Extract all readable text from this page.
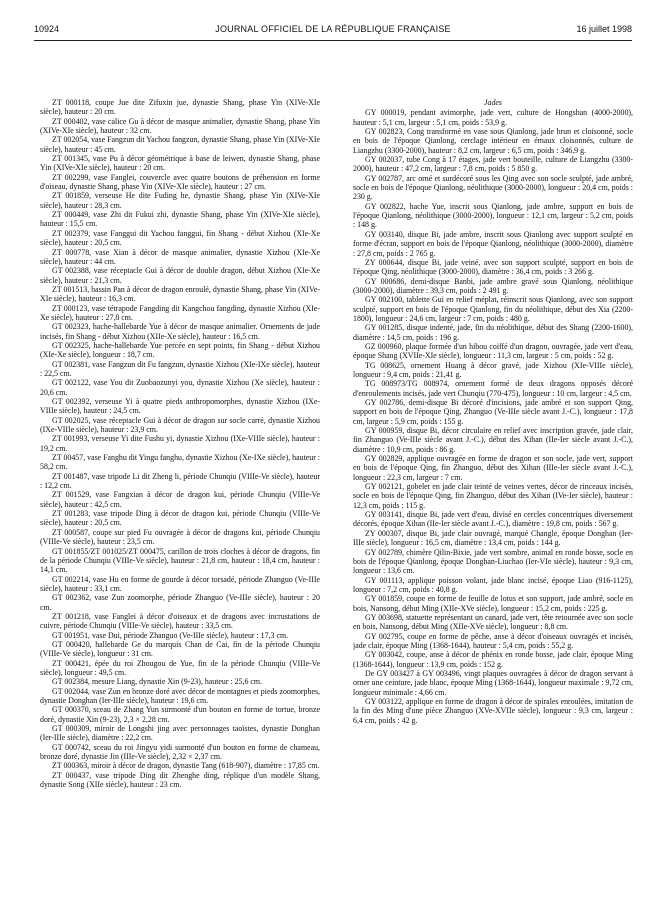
10924	JOURNAL OFFICIEL DE LA RÉPUBLIQUE FRANÇAISE	16 juillet 1998

ZT 000118, coupe Jue dite Zifuxin jue, dynastie Shang, phase Yin (XIVe-XIe siècle), hauteur : 20 cm.

ZT 000402, vase calice Gu à décor de masque animalier, dynastie Shang, phase Yin (XIVe-XIe siècle), hauteur : 32 cm.

ZT 002054, vase Fangzun dit Yachou fangzun, dynastie Shang, phase Yin (XIVe-XIe siècle), hauteur : 45 cm.

ZT 001345, vase Pu à décor géométrique à base de leiwen, dynastie Shang, phase Yin (XIVe-XIe siècle), hauteur : 20 cm.

ZT 002299, vase Fanglei, couvercle avec quatre boutons de préhension en forme d'oiseau, dynastie Shang, phase Yin (XIVe-XIe siècle), hauteur : 27 cm.

ZT 001859, verseuse He dite Fuding he, dynastie Shang, phase Yin (XIVe-XIe siècle), hauteur : 28,3 cm.

ZT 000449, vase Zhi dit Fukui zhi, dynastie Shang, phase Yin (XIVe-XIe siècle), hauteur : 15,5 cm.

ZT 002379, vase Fanggui dit Yachou fanggui, fin Shang - début Xizhou (XIe-Xe siècle), hauteur : 20,5 cm.

ZT 000778, vase Xian à décor de masque animalier, dynastie Xizhou (XIe-Xe siècle), hauteur : 44 cm.

GT 002388, vase réceptacle Gui à décor de double dragon, début Xizhou (XIe-Xe siècle), hauteur : 21,3 cm.

ZT 001513, bassin Pan à décor de dragon enroulé, dynastie Shang, phase Yin (XIVe-XIe siècle), hauteur : 16,3 cm.

ZT 000123, vase tétrapode Fangding dit Kangchou fangding, dynastie Xizhou (XIe-Xe siècle), hauteur : 27,8 cm.

GT 002323, hache-hallebarde Yue à décor de masque animalier. Ornements de jade incisés, fin Shang - début Xizhou (XIIe-Xe siècle), hauteur : 16,5 cm.

GT 002325, hache-hallebarde Yue percée en sept points, fin Shang - début Xizhou (XIe-Xe siècle), longueur : 18,7 cm.

GT 002381, vase Fangzun dit Fu fangzun, dynastie Xizhou (XIe-IXe siècle), hauteur : 22,5 cm.

GT 002122, vase You dit Zuobaozunyi you, dynastie Xizhou (Xe siècle), hauteur : 20,6 cm.

GT 002392, verseuse Yi à quatre pieds anthropomorphes, dynastie Xizhou (IXe-VIIIe siècle), hauteur : 24,5 cm.

GT 002025, vase réceptacle Gui à décor de dragon sur socle carré, dynastie Xizhou (IXe-VIIIe siècle), hauteur : 23,9 cm.

ZT 001993, verseuse Yi dite Fushu yi, dynastie Xizhou (IXe-VIIIe siècle), hauteur : 19,2 cm.

ZT 00457, vase Fanghu dit Yingu fanghu, dynastie Xizhou (Xe-IXe siècle), hauteur : 58,2 cm.

ZT 001487, vase tripode Li dit Zheng li, période Chunqiu (VIIIe-Ve siècle), hauteur : 12,2 cm.

ZT 001529, vase Fangxian à décor de dragon kui, période Chunqiu (VIIIe-Ve siècle), hauteur : 42,5 cm.

ZT 001283, vase tripode Ding à décor de dragon kui, période Chunqiu (VIIIe-Ve siècle), hauteur : 20,5 cm.

ZT 000587, coupe sur pied Fu ouvragée à décor de dragons kui, période Chunqiu (VIIIe-Ve siècle), hauteur : 23,5 cm.

GT 001855/ZT 001025/ZT 000475, carillon de trois cloches à décor de dragons, fin de la période Chunqiu (VIIIe-Ve siècle), hauteur : 21,8 cm, hauteur : 18,4 cm, hauteur : 14,1 cm.

GT 002214, vase Hu en forme de gourde à décor torsadé, période Zhanguo (Ve-IIIe siècle), hauteur : 33,1 cm.

GT 002362, vase Zun zoomorphe, période Zhanguo (Ve-IIIe siècle), hauteur : 20 cm.

ZT 001218, vase Fanglei à décor d'oiseaux et de dragons avec incrustations de cuivre, période Chunqiu (VIIIe-Ve siècle), hauteur : 33,5 cm.

GT 001951, vase Dui, période Zhanguo (Ve-IIIe siècle), hauteur : 17,3 cm.

GT 000420, hallebarde Ge du marquis Chan de Cai, fin de la période Chunqiu (VIIIe-Ve siècle), longueur : 31 cm.

ZT 000421, épée du roi Zhougou de Yue, fin de la période Chunqiu (VIIIe-Ve siècle), longueur : 49,5 cm.

GT 002384, mesure Liang, dynastie Xin (9-23), hauteur : 25,6 cm.

GT 002044, vase Zun en bronze doré avec décor de montagnes et pieds zoomorphes, dynastie Donghan (Ier-IIIe siècle), hauteur : 19,6 cm.

GT 000370, sceau de Zhang Yun surmonté d'un bouton en forme de tortue, bronze doré, dynastie Xin (9-23), 2,3 × 2,28 cm.

GT 000309, miroir de Longshi jing avec personnages taoïstes, dynastie Donghan (Ier-IIIe siècle), diamètre : 22,2 cm.

GT 000742, sceau du roi Jingyu yidi surmonté d'un bouton en forme de chameau, bronze doré, dynastie Jin (IIIe-Ve siècle), 2,32 × 2,37 cm.

ZT 000363, miroir à décor de dragon, dynastie Tang (618-907), diamètre : 17,85 cm.

ZT 000437, vase tripode Ding dit Zhenghe ding, réplique d'un modèle Shang, dynastie Song (XIIe siècle), hauteur : 23 cm.

Jades

GY 000019, pendant avimorphe, jade vert, culture de Hongshan (4000-2000), hauteur : 5,1 cm, largeur : 5,1 cm, poids : 53,9 g.

GY 002823, Cong transformé en vase sous Qianlong, jade brun et cloisonné, socle en bois de l'époque Qianlong, cerclage intérieur en émaux cloisonnés, culture de Liangzhu (3300-2000), hauteur : 8,2 cm, largeur : 6,5 cm, poids : 346,9 g.

GY 002037, tube Cong à 17 étages, jade vert bouteille, culture de Liangzhu (3300-2000), hauteur : 47,2 cm, largeur : 7,8 cm, poids : 5 850 g.

GY 002787, arc orné et surdécoré sous les Qing avec son socle sculpté, jade ambré, socle en bois de l'époque Qianlong, néolithique (3000-2000), longueur : 20,4 cm, poids : 230 g.

GY 002822, hache Yue, inscrit sous Qianlong, jade ambre, support en bois de l'époque Qianlong, néolithique (3000-2000), longueur : 12,1 cm, largeur : 5,2 cm, poids : 148 g.

GY 003140, disque Bi, jade ambre, inscrit sous Qianlong avec support sculpté en forme d'écran, support en bois de l'époque Qianlong, néolithique (3000-2000), diamètre : 27,8 cm, poids : 2 765 g.

ZY 000644, disque Bi, jade veiné, avec son support sculpté, support en bois de l'époque Qing, néolithique (3000-2000), diamètre : 36,4 cm, poids : 3 266 g.

GY 000686, demi-disque Banbi, jade ambre gravé sous Qianlong, néolithique (3000-2000), diamètre : 39,3 cm, poids : 2 491 g.

GY 002100, tablette Gui en relief méplat, réinscrit sous Qianlong, avec son support sculpté, support en bois de l'époque Qianlong, fin du néolithique, début des Xia (2200-1800), longueur : 24,6 cm, largeur : 7 cm, poids : 480 g.

GY 001285, disque indenté, jade, fin du néolithique, début des Shang (2200-1600), diamètre : 14,5 cm, poids : 196 g.

GZ 000960, plaque formée d'un hibou coiffé d'un dragon, ouvragée, jade vert d'eau, époque Shang (XVIIe-XIe siècle), longueur : 11,3 cm, largeur : 5 cm, poids : 52 g.

TG 008625, ornement Huang à décor gravé, jade Xizhou (XIe-VIIIe siècle), longueur : 9,4 cm, poids : 21,41 g.

TG 008973/TG 008974, ornement formé de deux dragons opposés décoré d'enroulements incisés, jade vert Chunqiu (770-475), longueur : 10 cm, largeur : 4,5 cm.

GY 002786, demi-disque Bi décoré d'incisions, jade ambré et son support Qing, support en bois de l'époque Qing, Zhanguo (Ve-IIIe siècle avant J.-C.), longueur : 17,8 cm, largeur : 5,9 cm, poids : 155 g.

GY 000959, disque Bi, décor circulaire en relief avec inscription gravée, jade clair, fin Zhanguo (Ve-IIIe siècle avant J.-C.), début des Xihan (IIe-Ier siècle avant J.-C.), diamètre : 10,9 cm, poids : 86 g.

GY 002829, applique ouvragée en forme de dragon et son socle, jade vert, support en bois de l'époque Qing, fin Zhanguo, début des Xihan (IIIe-Ier siècle avant J.-C.), longueur : 22,3 cm, largeur : 7 cm.

GY 002121, gobelet en jade clair teinté de veines vertes, décor de rinceaux incisés, socle en bois de l'époque Qing, fin Zhanguo, début des Xihan (IVe-Ier siècle), hauteur : 12,3 cm, poids : 115 g.

GY 003141, disque Bi, jade vert d'eau, divisé en cercles concentriques diversement décorés, époque Xihan (IIe-Ier siècle avant J.-C.), diamètre : 19,8 cm, poids : 567 g.

ZY 000307, disque Bi, jade clair ouvragé, marqué Changle, époque Donghan (Ier-IIIe siècle), longueur : 16,5 cm, diamètre : 13,4 cm, poids : 144 g.

GY 002789, chimère Qilin-Bixie, jade vert sombre, animal en ronde bosse, socle en bois de l'époque Qianlong, époque Donghan-Liuchao (Ier-VIe siècle), hauteur : 9,3 cm, longueur : 13,6 cm.

GY 001113, applique poisson volant, jade blanc incisé, époque Liao (916-1125), longueur : 7,2 cm, poids : 40,8 g.

GY 001859, coupe en forme de feuille de lotus et son support, jade ambré, socle en bois, Nansong, début Ming (XIIe-XVe siècle), longueur : 15,2 cm, poids : 225 g.

GY 003698, statuette représentant un canard, jade vert, tête retournée avec son socle en bois, Nansong, début Ming (XIIe-XVe siècle), longueur : 8,8 cm.

GY 002795, coupe en forme de pêche, anse à décor d'oiseaux ouvragés et incisés, jade clair, époque Ming (1368-1644), hauteur : 5,4 cm, poids : 55,2 g.

GY 003042, coupe, anse à décor de phénix en ronde bosse, jade clair, époque Ming (1368-1644), longueur : 13,9 cm, poids : 152 g.

De GY 003427 à GY 003496, vingt plaques ouvragées à décor de dragon servant à orner une ceinture, jade blanc, époque Ming (1368-1644), longueur maximale : 9,72 cm, longueur minimale : 4,66 cm.

GY 003122, applique en forme de dragon à décor de spirales enroulées, imitation de la fin des Ming d'une pièce Zhanguo (XVe-XVIIe siècle), longueur : 9,3 cm, largeur : 6,4 cm, poids : 42 g.
